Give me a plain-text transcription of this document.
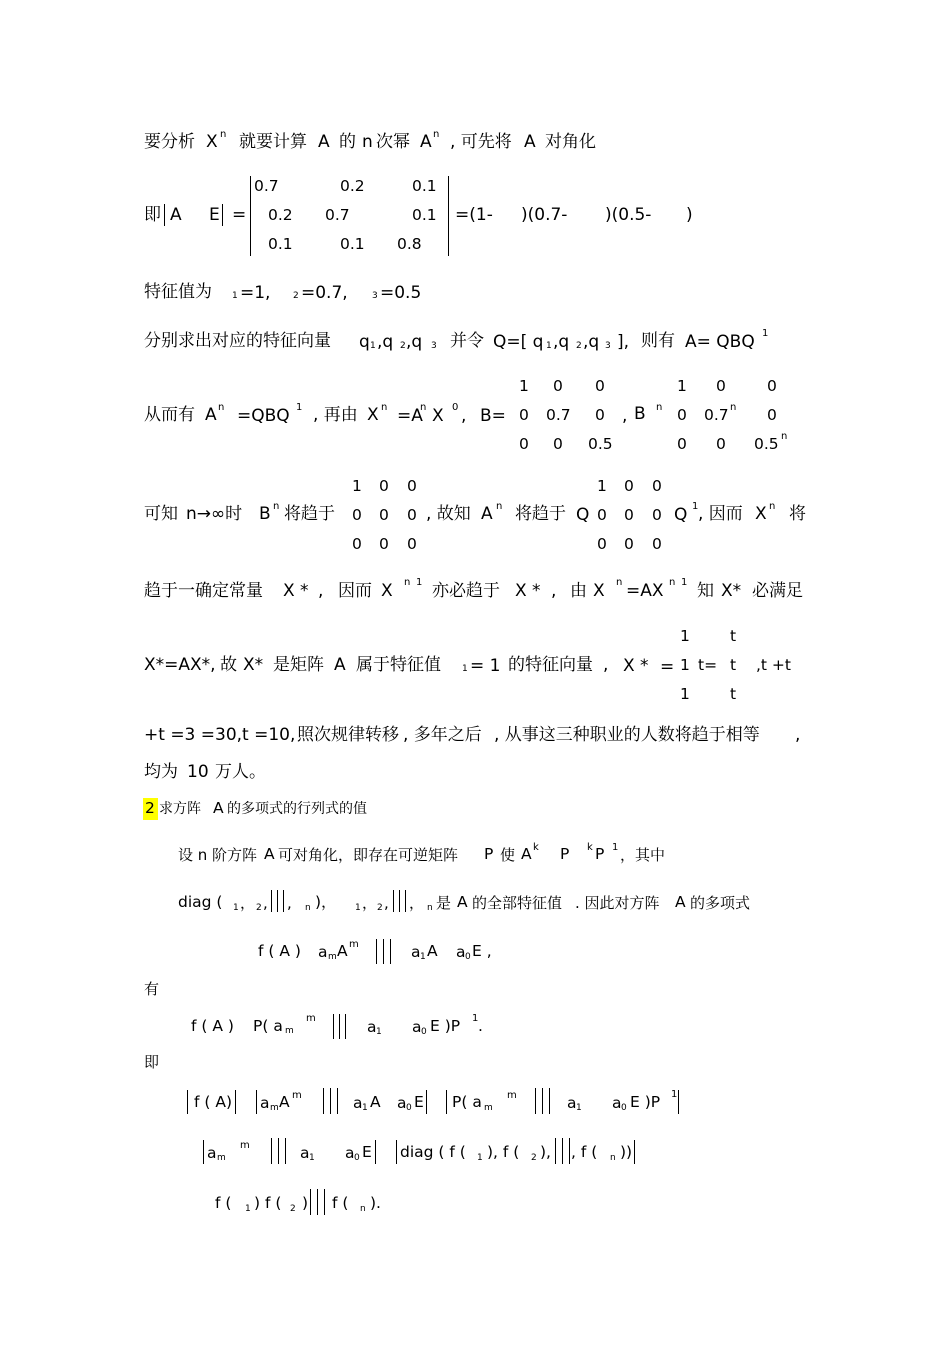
要分析 X n 就要计算 A 的 n 次幂 A n , 可先将 A 对角化
即 A E =
0.7	0.2	0.1
0.2 0.7	0.1
0.1	0.1 0.8
=(1- )(0.7- )(0.5- )
特征值为 1 =1,	2 =0.7,	3 =0.5
分别求出对应的特征向量 q 1 ,q 2 ,q 3 并令 Q=[ q 1 ,q 2 ,q 3 ], 则有 A= QBQ 1
从而有 A n =QBQ 1 , 再由 X n =A
n X 0 , B=
1 0 0
0 0.7 0
0 0 0.5
, B n
1 0	0
0 0.7 n 0
0 0 0.5 n
可知 n→∞时 B n 将趋于
1 0 0
0 0 0
0 0 0
, 故知 A n 将趋于 Q
1 0 0
0 0 0
0 0 0
Q 1 , 因而 X n 将
趋于一确定常量 X * , 因而 X n 1 亦必趋于 X * , 由 X n =AX n 1 知 X* 必满足
X*=AX*, 故 X* 是矩阵 A 属于特征值 1 = 1 的特征向量 , X * =
1
1
1
t=
t
t
t
,t +t
+t =3 =30,t =10, 照次规律转移 , 多年之后 , 从事这三种职业的人数将趋于相等 ,
均为 10 万人。
2 求方阵 A 的多项式的行列式的值
设 n 阶方阵 A 可对角化，即存在可逆矩阵 P 使 A k P k P 1 ，其中
diag ( 1 ， 2 , , n )， 1 ， 2 , ， n 是 A 的全部特征值 . 因此对方阵 A 的多项式
f ( A ) a m A m	a 1 A a 0 E ,
有
f ( A ) P( a m
m	a 1 a 0 E )P 1 .
即
f ( A) a m A m	a 1 A a 0 E P( a m
m	a 1 a 0 E )P 1
a m
m	a 1 a 0 E diag ( f ( 1 ), f ( 2 ), , f ( n ))
f ( 1 ) f ( 2 ) f ( n ).
